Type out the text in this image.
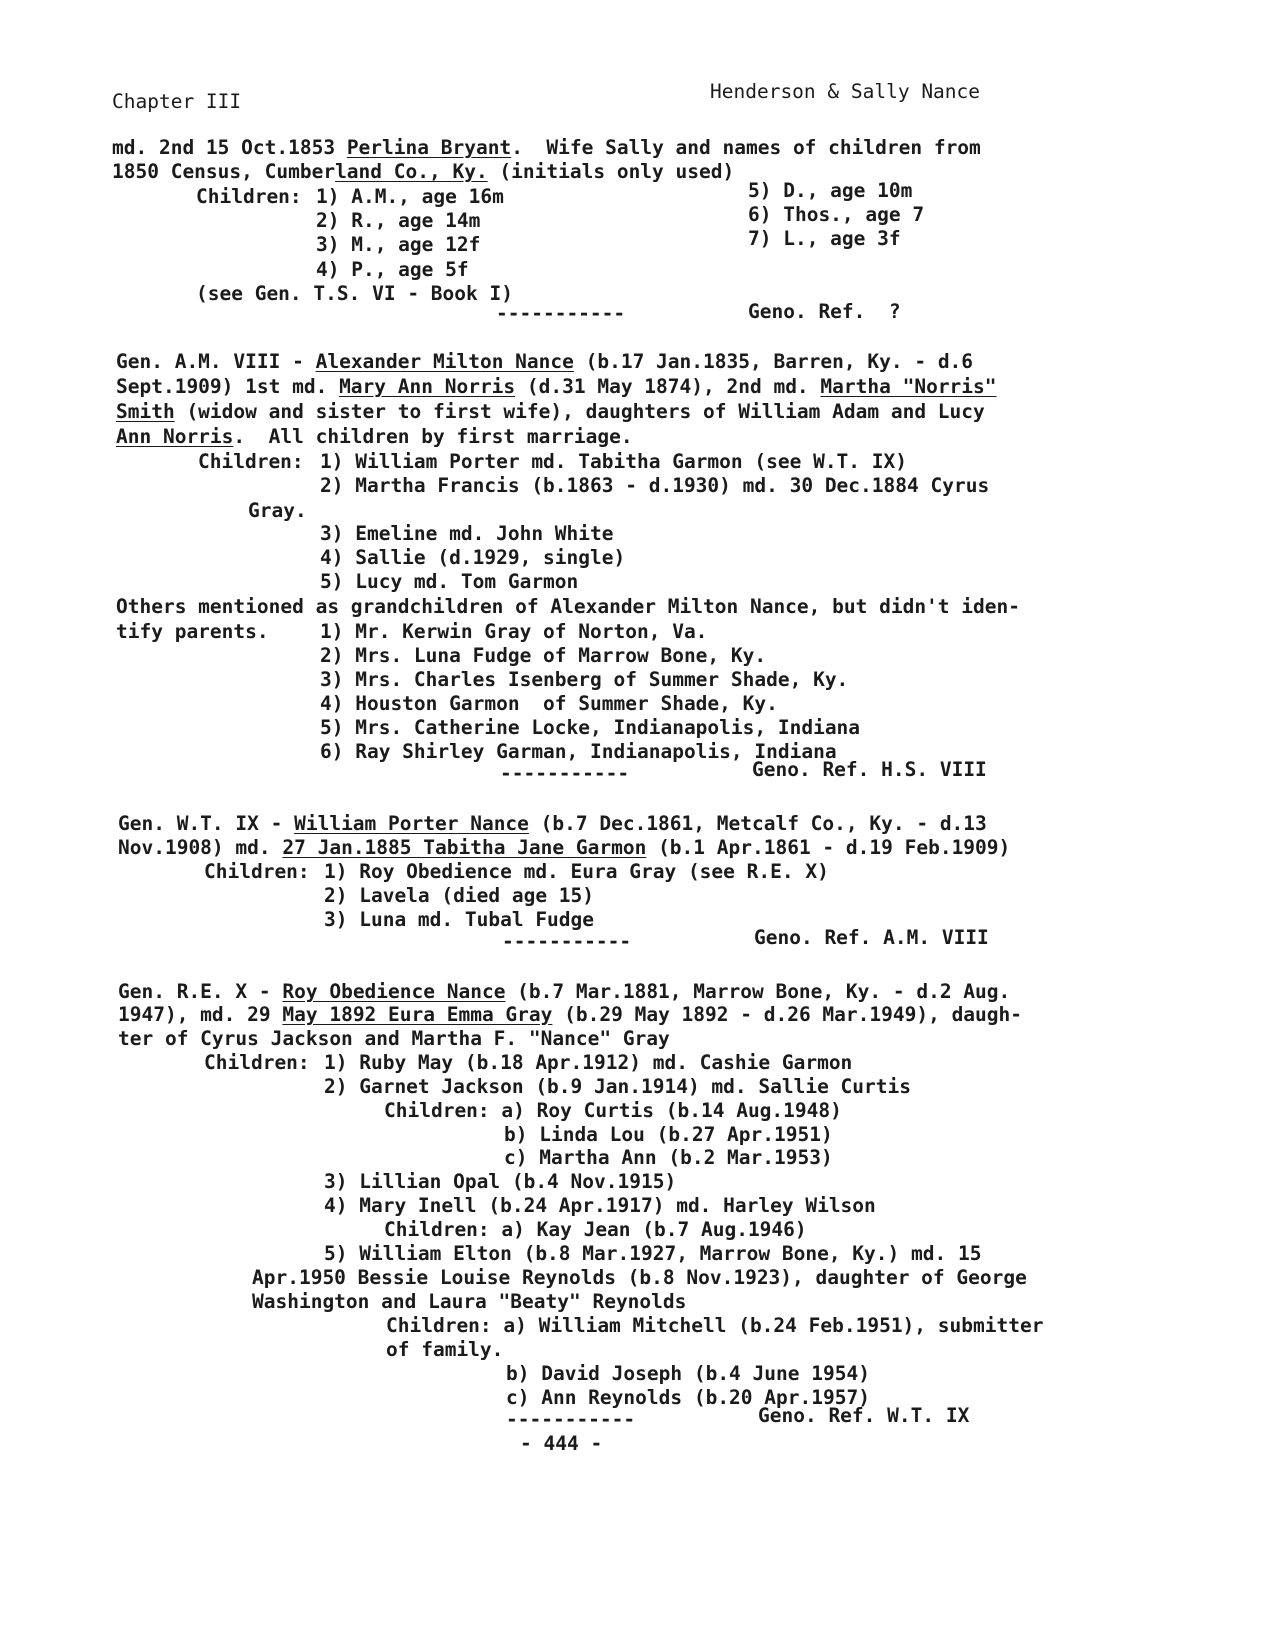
Chapter III	Henderson & Sally Nance
md. 2nd 15 Oct.1853 Perlina Bryant.  Wife Sally and names of children from
1850 Census, Cumberland Co., Ky. (initials only used)
Children: 1) A.M., age 16m
2) R., age 14m
3) M., age 12f
4) P., age 5f
5) D., age 10m
6) Thos., age 7
7) L., age 3f
(see Gen. T.S. VI - Book I)
-----------	Geno. Ref.  ?
Gen. A.M. VIII - Alexander Milton Nance (b.17 Jan.1835, Barren, Ky. - d.6
Sept.1909) 1st md. Mary Ann Norris (d.31 May 1874), 2nd md. Martha "Norris"
Smith (widow and sister to first wife), daughters of William Adam and Lucy
Ann Norris.  All children by first marriage.
Children: 1) William Porter md. Tabitha Garmon (see W.T. IX)
2) Martha Francis (b.1863 - d.1930) md. 30 Dec.1884 Cyrus
Gray.
3) Emeline md. John White
4) Sallie (d.1929, single)
5) Lucy md. Tom Garmon
Others mentioned as grandchildren of Alexander Milton Nance, but didn't iden-
tify parents.	1) Mr. Kerwin Gray of Norton, Va.
2) Mrs. Luna Fudge of Marrow Bone, Ky.
3) Mrs. Charles Isenberg of Summer Shade, Ky.
4) Houston Garmon  of Summer Shade, Ky.
5) Mrs. Catherine Locke, Indianapolis, Indiana
6) Ray Shirley Garman, Indianapolis, Indiana
-----------	Geno. Ref. H.S. VIII
Gen. W.T. IX - William Porter Nance (b.7 Dec.1861, Metcalf Co., Ky. - d.13
Nov.1908) md. 27 Jan.1885 Tabitha Jane Garmon (b.1 Apr.1861 - d.19 Feb.1909)
Children: 1) Roy Obedience md. Eura Gray (see R.E. X)
2) Lavela (died age 15)
3) Luna md. Tubal Fudge
-----------	Geno. Ref. A.M. VIII
Gen. R.E. X - Roy Obedience Nance (b.7 Mar.1881, Marrow Bone, Ky. - d.2 Aug.
1947), md. 29 May 1892 Eura Emma Gray (b.29 May 1892 - d.26 Mar.1949), daugh-
ter of Cyrus Jackson and Martha F. "Nance" Gray
Children: 1) Ruby May (b.18 Apr.1912) md. Cashie Garmon
2) Garnet Jackson (b.9 Jan.1914) md. Sallie Curtis
Children: a) Roy Curtis (b.14 Aug.1948)
b) Linda Lou (b.27 Apr.1951)
c) Martha Ann (b.2 Mar.1953)
3) Lillian Opal (b.4 Nov.1915)
4) Mary Inell (b.24 Apr.1917) md. Harley Wilson
Children: a) Kay Jean (b.7 Aug.1946)
5) William Elton (b.8 Mar.1927, Marrow Bone, Ky.) md. 15
Apr.1950 Bessie Louise Reynolds (b.8 Nov.1923), daughter of George
Washington and Laura "Beaty" Reynolds
Children: a) William Mitchell (b.24 Feb.1951), submitter
of family.
b) David Joseph (b.4 June 1954)
c) Ann Reynolds (b.20 Apr.1957)
-----------	Geno. Ref. W.T. IX
- 444 -
